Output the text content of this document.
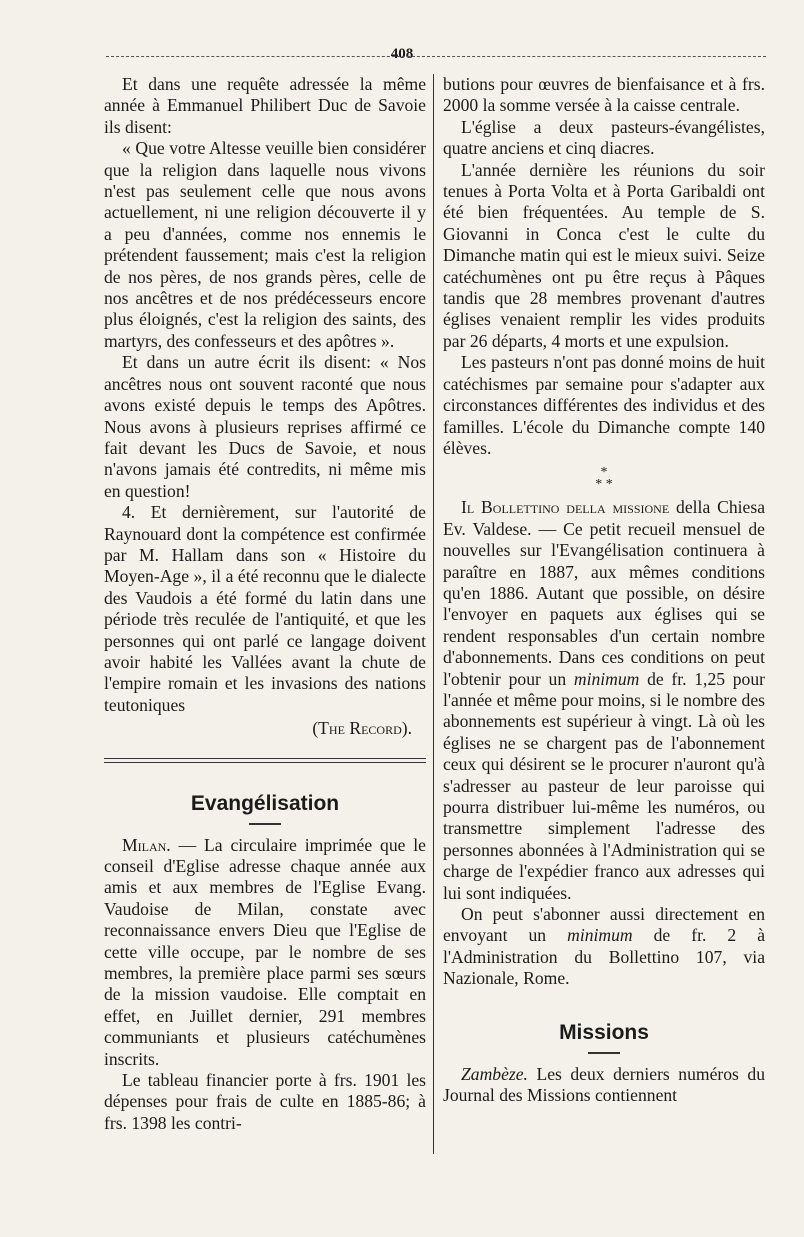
408

Et dans une requête adressée la même année à Emmanuel Philibert Duc de Savoie ils disent:

« Que votre Altesse veuille bien considérer que la religion dans laquelle nous vivons n'est pas seulement celle que nous avons actuellement, ni une religion découverte il y a peu d'années, comme nos ennemis le prétendent faussement; mais c'est la religion de nos pères, de nos grands pères, celle de nos ancêtres et de nos prédécesseurs encore plus éloignés, c'est la religion des saints, des martyrs, des confesseurs et des apôtres ».

Et dans un autre écrit ils disent: « Nos ancêtres nous ont souvent raconté que nous avons existé depuis le temps des Apôtres. Nous avons à plusieurs reprises affirmé ce fait devant les Ducs de Savoie, et nous n'avons jamais été contredits, ni même mis en question!

4. Et dernièrement, sur l'autorité de Raynouard dont la compétence est confirmée par M. Hallam dans son « Histoire du Moyen-Age », il a été reconnu que le dialecte des Vaudois a été formé du latin dans une période très reculée de l'antiquité, et que les personnes qui ont parlé ce langage doivent avoir habité les Vallées avant la chute de l'empire romain et les invasions des nations teutoniques

(The Record).

Evangélisation

Milan. — La circulaire imprimée que le conseil d'Eglise adresse chaque année aux amis et aux membres de l'Eglise Evang. Vaudoise de Milan, constate avec reconnaissance envers Dieu que l'Eglise de cette ville occupe, par le nombre de ses membres, la première place parmi ses sœurs de la mission vaudoise. Elle comptait en effet, en Juillet dernier, 291 membres communiants et plusieurs catéchumènes inscrits.

Le tableau financier porte à frs. 1901 les dépenses pour frais de culte en 1885-86; à frs. 1398 les contri-

butions pour œuvres de bienfaisance et à frs. 2000 la somme versée à la caisse centrale.

L'église a deux pasteurs-évangélistes, quatre anciens et cinq diacres.

L'année dernière les réunions du soir tenues à Porta Volta et à Porta Garibaldi ont été bien fréquentées. Au temple de S. Giovanni in Conca c'est le culte du Dimanche matin qui est le mieux suivi. Seize catéchumènes ont pu être reçus à Pâques tandis que 28 membres provenant d'autres églises venaient remplir les vides produits par 26 départs, 4 morts et une expulsion.

Les pasteurs n'ont pas donné moins de huit catéchismes par semaine pour s'adapter aux circonstances différentes des individus et des familles. L'école du Dimanche compte 140 élèves.

*
* *

Il Bollettino della missione della Chiesa Ev. Valdese. — Ce petit recueil mensuel de nouvelles sur l'Evangélisation continuera à paraître en 1887, aux mêmes conditions qu'en 1886. Autant que possible, on désire l'envoyer en paquets aux églises qui se rendent responsables d'un certain nombre d'abonnements. Dans ces conditions on peut l'obtenir pour un minimum de fr. 1,25 pour l'année et même pour moins, si le nombre des abonnements est supérieur à vingt. Là où les églises ne se chargent pas de l'abonnement ceux qui désirent se le procurer n'auront qu'à s'adresser au pasteur de leur paroisse qui pourra distribuer lui-même les numéros, ou transmettre simplement l'adresse des personnes abonnées à l'Administration qui se charge de l'expédier franco aux adresses qui lui sont indiquées.

On peut s'abonner aussi directement en envoyant un minimum de fr. 2 à l'Administration du Bollettino 107, via Nazionale, Rome.

Missions

Zambèze. Les deux derniers numéros du Journal des Missions contiennent
